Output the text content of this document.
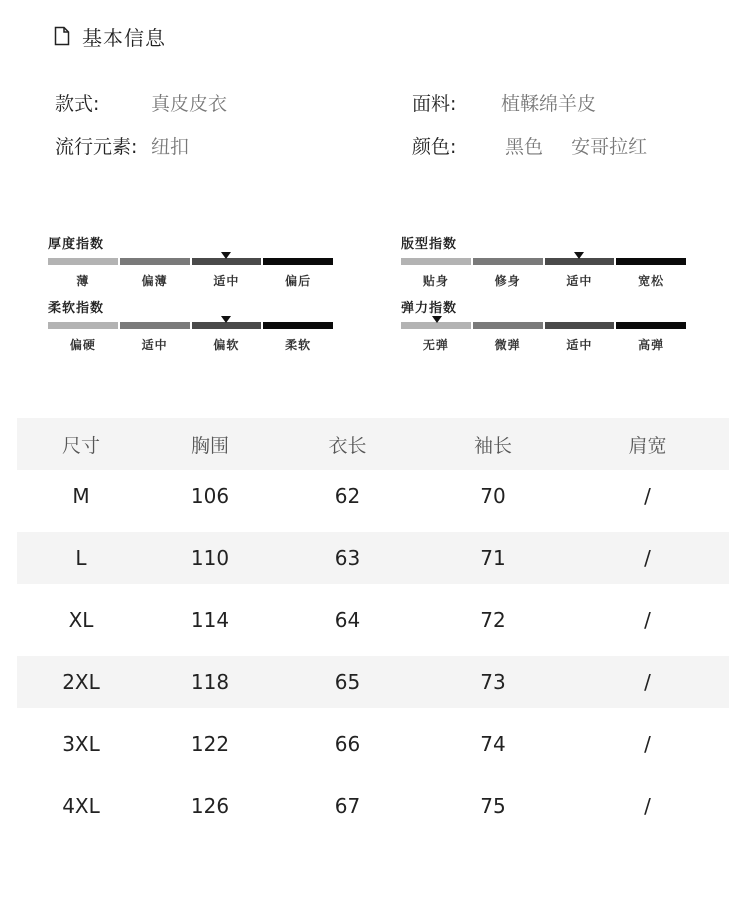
基本信息
款式:	真皮皮衣	面料:	植鞣绵羊皮
流行元素: 纽扣	颜色:	黑色 安哥拉红
厚度指数
薄	偏薄	适中	偏后
版型指数
贴身	修身	适中	宽松
柔软指数
偏硬	适中	偏软	柔软
弹力指数
无弹	微弹	适中	高弹
尺寸	胸围	衣长	袖长	肩宽
M	106	62	70	/
L	110	63	71	/
XL	114	64	72	/
2XL	118	65	73	/
3XL	122	66	74	/
4XL	126	67	75	/
